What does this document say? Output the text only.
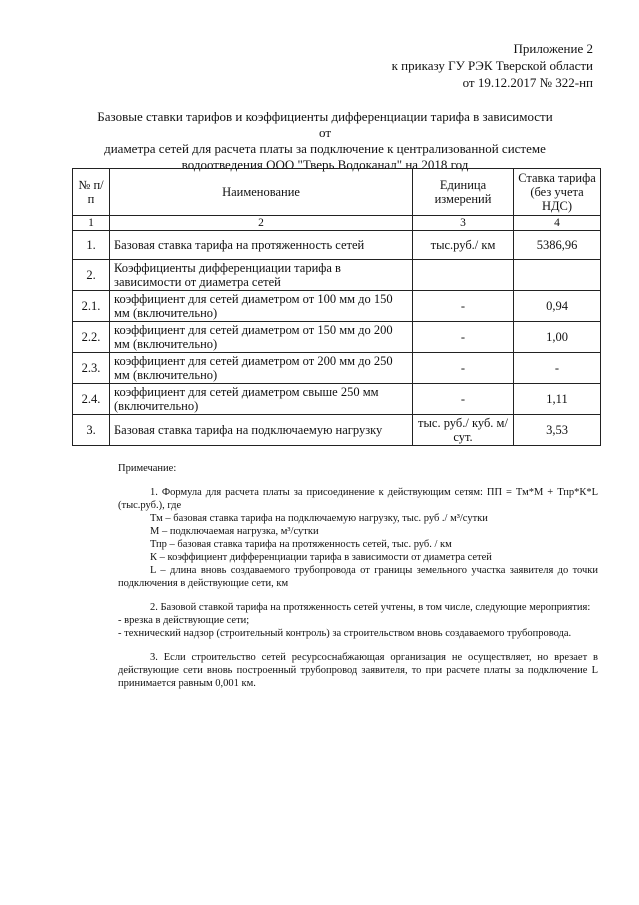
Приложение 2
к приказу ГУ РЭК Тверской области
от 19.12.2017 № 322-нп
Базовые ставки тарифов и коэффициенты дифференциации тарифа в зависимости от
диаметра сетей для расчета платы за подключение к централизованной системе
водоотведения ООО "Тверь Водоканал" на 2018 год
№ п/п	Наименование	Единица измерений	Ставка тарифа (без учета НДС)
1	2	3	4
1.	Базовая ставка тарифа на протяженность сетей	тыс.руб./ км	5386,96
2.	Коэффициенты дифференциации тарифа в зависимости от диаметра сетей		
2.1.	коэффициент для сетей диаметром от 100 мм до 150 мм (включительно)	-	0,94
2.2.	коэффициент для сетей диаметром от 150 мм до 200 мм (включительно)	-	1,00
2.3.	коэффициент для сетей диаметром от 200 мм до 250 мм (включительно)	-	-
2.4.	коэффициент для сетей диаметром свыше 250 мм (включительно)	-	1,11
3.	Базовая ставка тарифа на подключаемую нагрузку	тыс. руб./ куб. м/сут.	3,53

Примечание:

1. Формула для расчета платы за присоединение к действующим сетям: ПП = Тм*М + Тпр*К*L (тыс.руб.), где

Тм – базовая ставка тарифа на подключаемую нагрузку, тыс. руб ./ м³/сутки

М – подключаемая нагрузка, м³/сутки

Тпр – базовая ставка тарифа на протяженность сетей, тыс. руб. / км

К – коэффициент дифференциации тарифа в зависимости от диаметра сетей

L – длина вновь создаваемого трубопровода от границы земельного участка заявителя до точки подключения в действующие сети, км

2. Базовой ставкой тарифа на протяженность сетей учтены, в том числе, следующие мероприятия:

- врезка в действующие сети;

- технический надзор (строительный контроль) за строительством вновь создаваемого трубопровода.

3. Если строительство сетей ресурсоснабжающая организация не осуществляет, но врезает в действующие сети вновь построенный трубопровод заявителя, то при расчете платы за подключение L принимается равным 0,001 км.
